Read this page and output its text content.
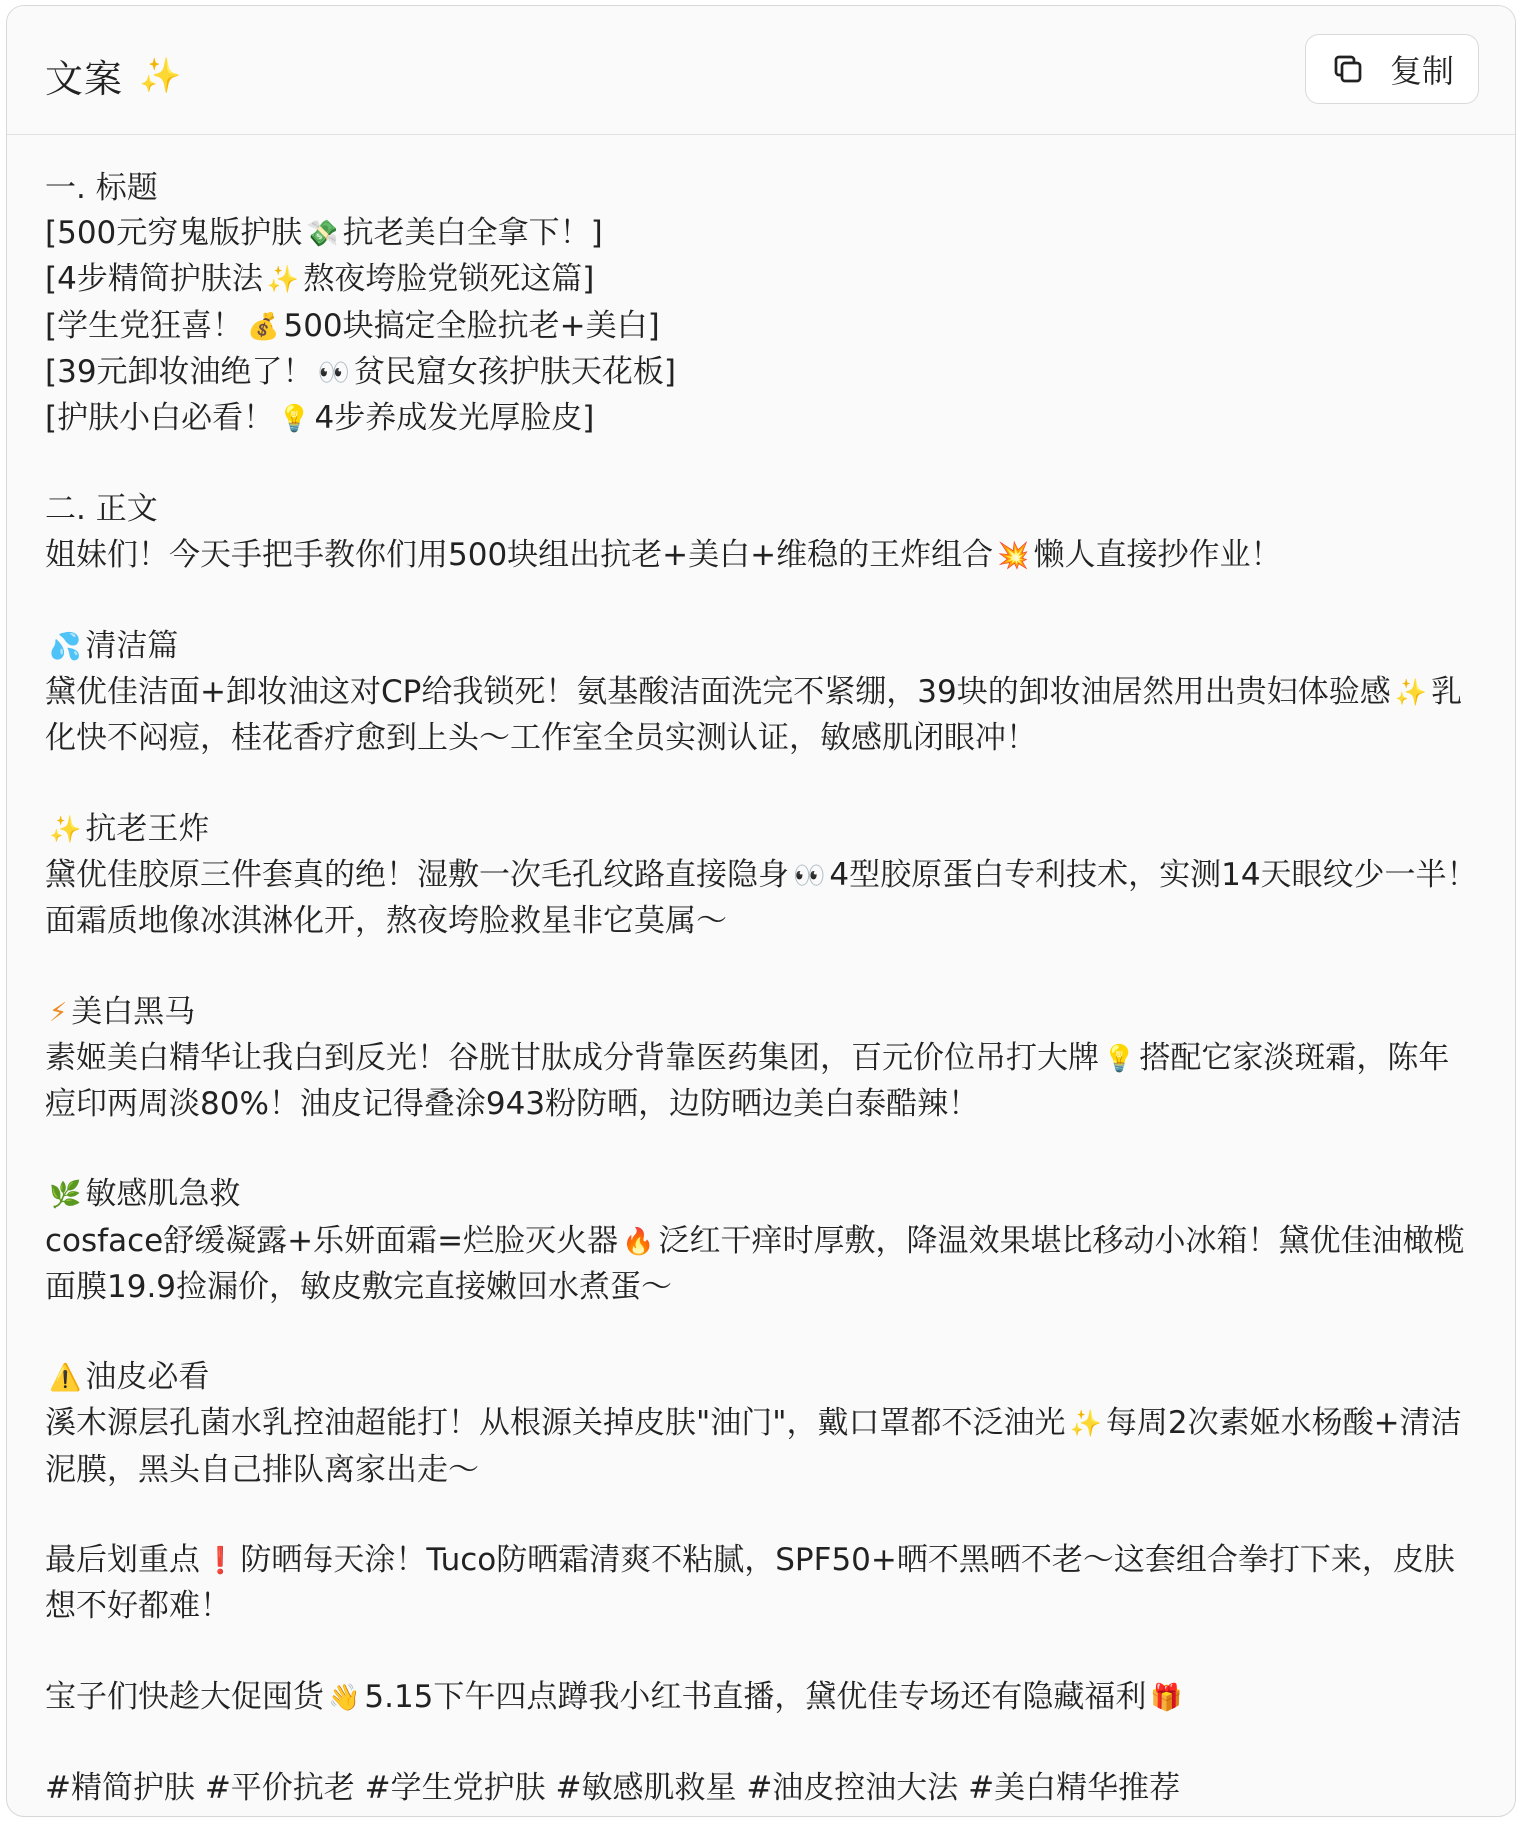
文案 ✨	复制
一. 标题
[500元穷鬼版护肤 💸 抗老美白全拿下！]
[4步精简护肤法 ✨ 熬夜垮脸党锁死这篇]
[学生党狂喜！ 💰 500块搞定全脸抗老+美白]
[39元卸妆油绝了！ 👀 贫民窟女孩护肤天花板]
[护肤小白必看！ 💡 4步养成发光厚脸皮]
二. 正文
姐妹们！今天手把手教你们用500块组出抗老+美白+维稳的王炸组合 💥 懒人直接抄作业！
💦 清洁篇
黛优佳洁面+卸妆油这对CP给我锁死！氨基酸洁面洗完不紧绷，39块的卸妆油居然用出贵妇体验感 ✨ 乳化快不闷痘，桂花香疗愈到上头～工作室全员实测认证，敏感肌闭眼冲！
✨ 抗老王炸
黛优佳胶原三件套真的绝！湿敷一次毛孔纹路直接隐身 👀 4型胶原蛋白专利技术，实测14天眼纹少一半！面霜质地像冰淇淋化开，熬夜垮脸救星非它莫属～
⚡ 美白黑马
素姬美白精华让我白到反光！谷胱甘肽成分背靠医药集团，百元价位吊打大牌 💡 搭配它家淡斑霜，陈年痘印两周淡80%！油皮记得叠涂943粉防晒，边防晒边美白泰酷辣！
🌿 敏感肌急救
cosface舒缓凝露+乐妍面霜=烂脸灭火器 🔥 泛红干痒时厚敷，降温效果堪比移动小冰箱！黛优佳油橄榄面膜19.9捡漏价，敏皮敷完直接嫩回水煮蛋～
⚠️ 油皮必看
溪木源层孔菌水乳控油超能打！从根源关掉皮肤"油门"，戴口罩都不泛油光 ✨ 每周2次素姬水杨酸+清洁泥膜，黑头自己排队离家出走～
最后划重点 ❗ 防晒每天涂！Tuco防晒霜清爽不粘腻，SPF50+晒不黑晒不老～这套组合拳打下来，皮肤想不好都难！
宝子们快趁大促囤货 👋 5.15下午四点蹲我小红书直播，黛优佳专场还有隐藏福利 🎁
#精简护肤 #平价抗老 #学生党护肤 #敏感肌救星 #油皮控油大法 #美白精华推荐
